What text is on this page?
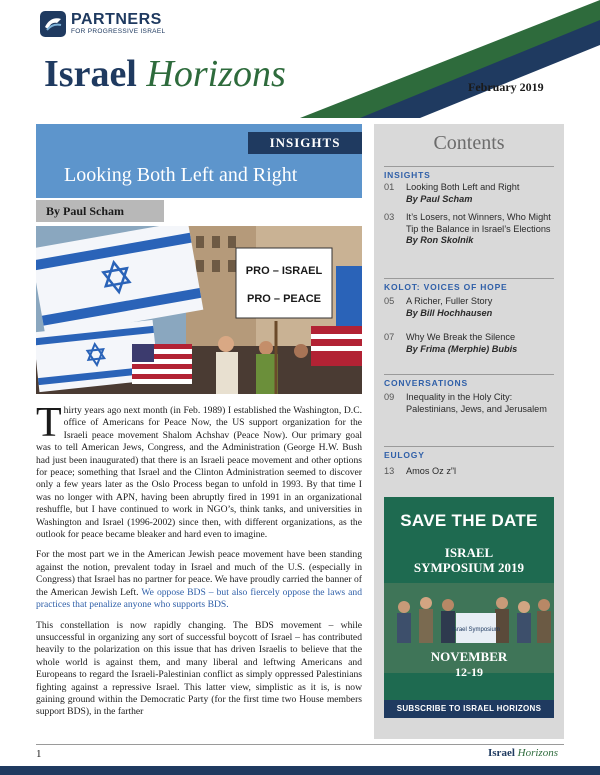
PARTNERS
FOR PROGRESSIVE ISRAEL
Israel Horizons	February 2019
INSIGHTS
Looking Both Left and Right
By Paul Scham
PRO – ISRAEL
PRO – PEACE

Thirty years ago next month (in Feb. 1989) I established the Washington, D.C. office of Americans for Peace Now, the US support organization for the Israeli peace movement Shalom Achshav (Peace Now). Our primary goal was to tell American Jews, Congress, and the Administration (George H.W. Bush had just been inaugurated) that there is an Israeli peace movement and other options for peace; something that Israel and the Clinton Administration seemed to discover only a few years later as the Oslo Process began to unfold in 1993. By that time I was no longer with APN, having been abruptly fired in 1991 in an organizational reshuffle, but I have continued to work in NGO’s, think tanks, and universities in Washington and Israel (1996-2002) since then, with different organizations, as the outlook for peace became bleaker and hard even to imagine.

For the most part we in the American Jewish peace movement have been standing against the notion, prevalent today in Israel and much of the U.S. (especially in Congress) that Israel has no partner for peace. We have proudly carried the banner of the American Jewish Left. We oppose BDS – but also fiercely oppose the laws and practices that penalize anyone who supports BDS.

This constellation is now rapidly changing. The BDS movement – while unsuccessful in organizing any sort of successful boycott of Israel – has contributed heavily to the polarization on this issue that has driven Israelis to believe that the whole world is against them, and many liberal and leftwing Americans and Europeans to regard the Israeli-Palestinian conflict as simply oppressed Palestinians fighting against a repressive Israel. This latter view, simplistic as it is, is now gaining ground within the Democratic Party (for the first time two House members support BDS), in the farther

Contents
INSIGHTS
01	Looking Both Left and Right
By Paul Scham
03	It’s Losers, not Winners, Who Might Tip the Balance in Israel’s Elections
By Ron Skolnik
KOLOT: VOICES OF HOPE
05	A Richer, Fuller Story
By Bill Hochhausen
07	Why We Break the Silence
By Frima (Merphie) Bubis
CONVERSATIONS
09	Inequality in the Holy City: Palestinians, Jews, and Jerusalem
EULOGY
13	Amos Oz z”l
SAVE THE DATE
ISRAEL
SYMPOSIUM 2019
Israel Symposium
NOVEMBER
12-19
SUBSCRIBE TO ISRAEL HORIZONS
1	Israel Horizons
